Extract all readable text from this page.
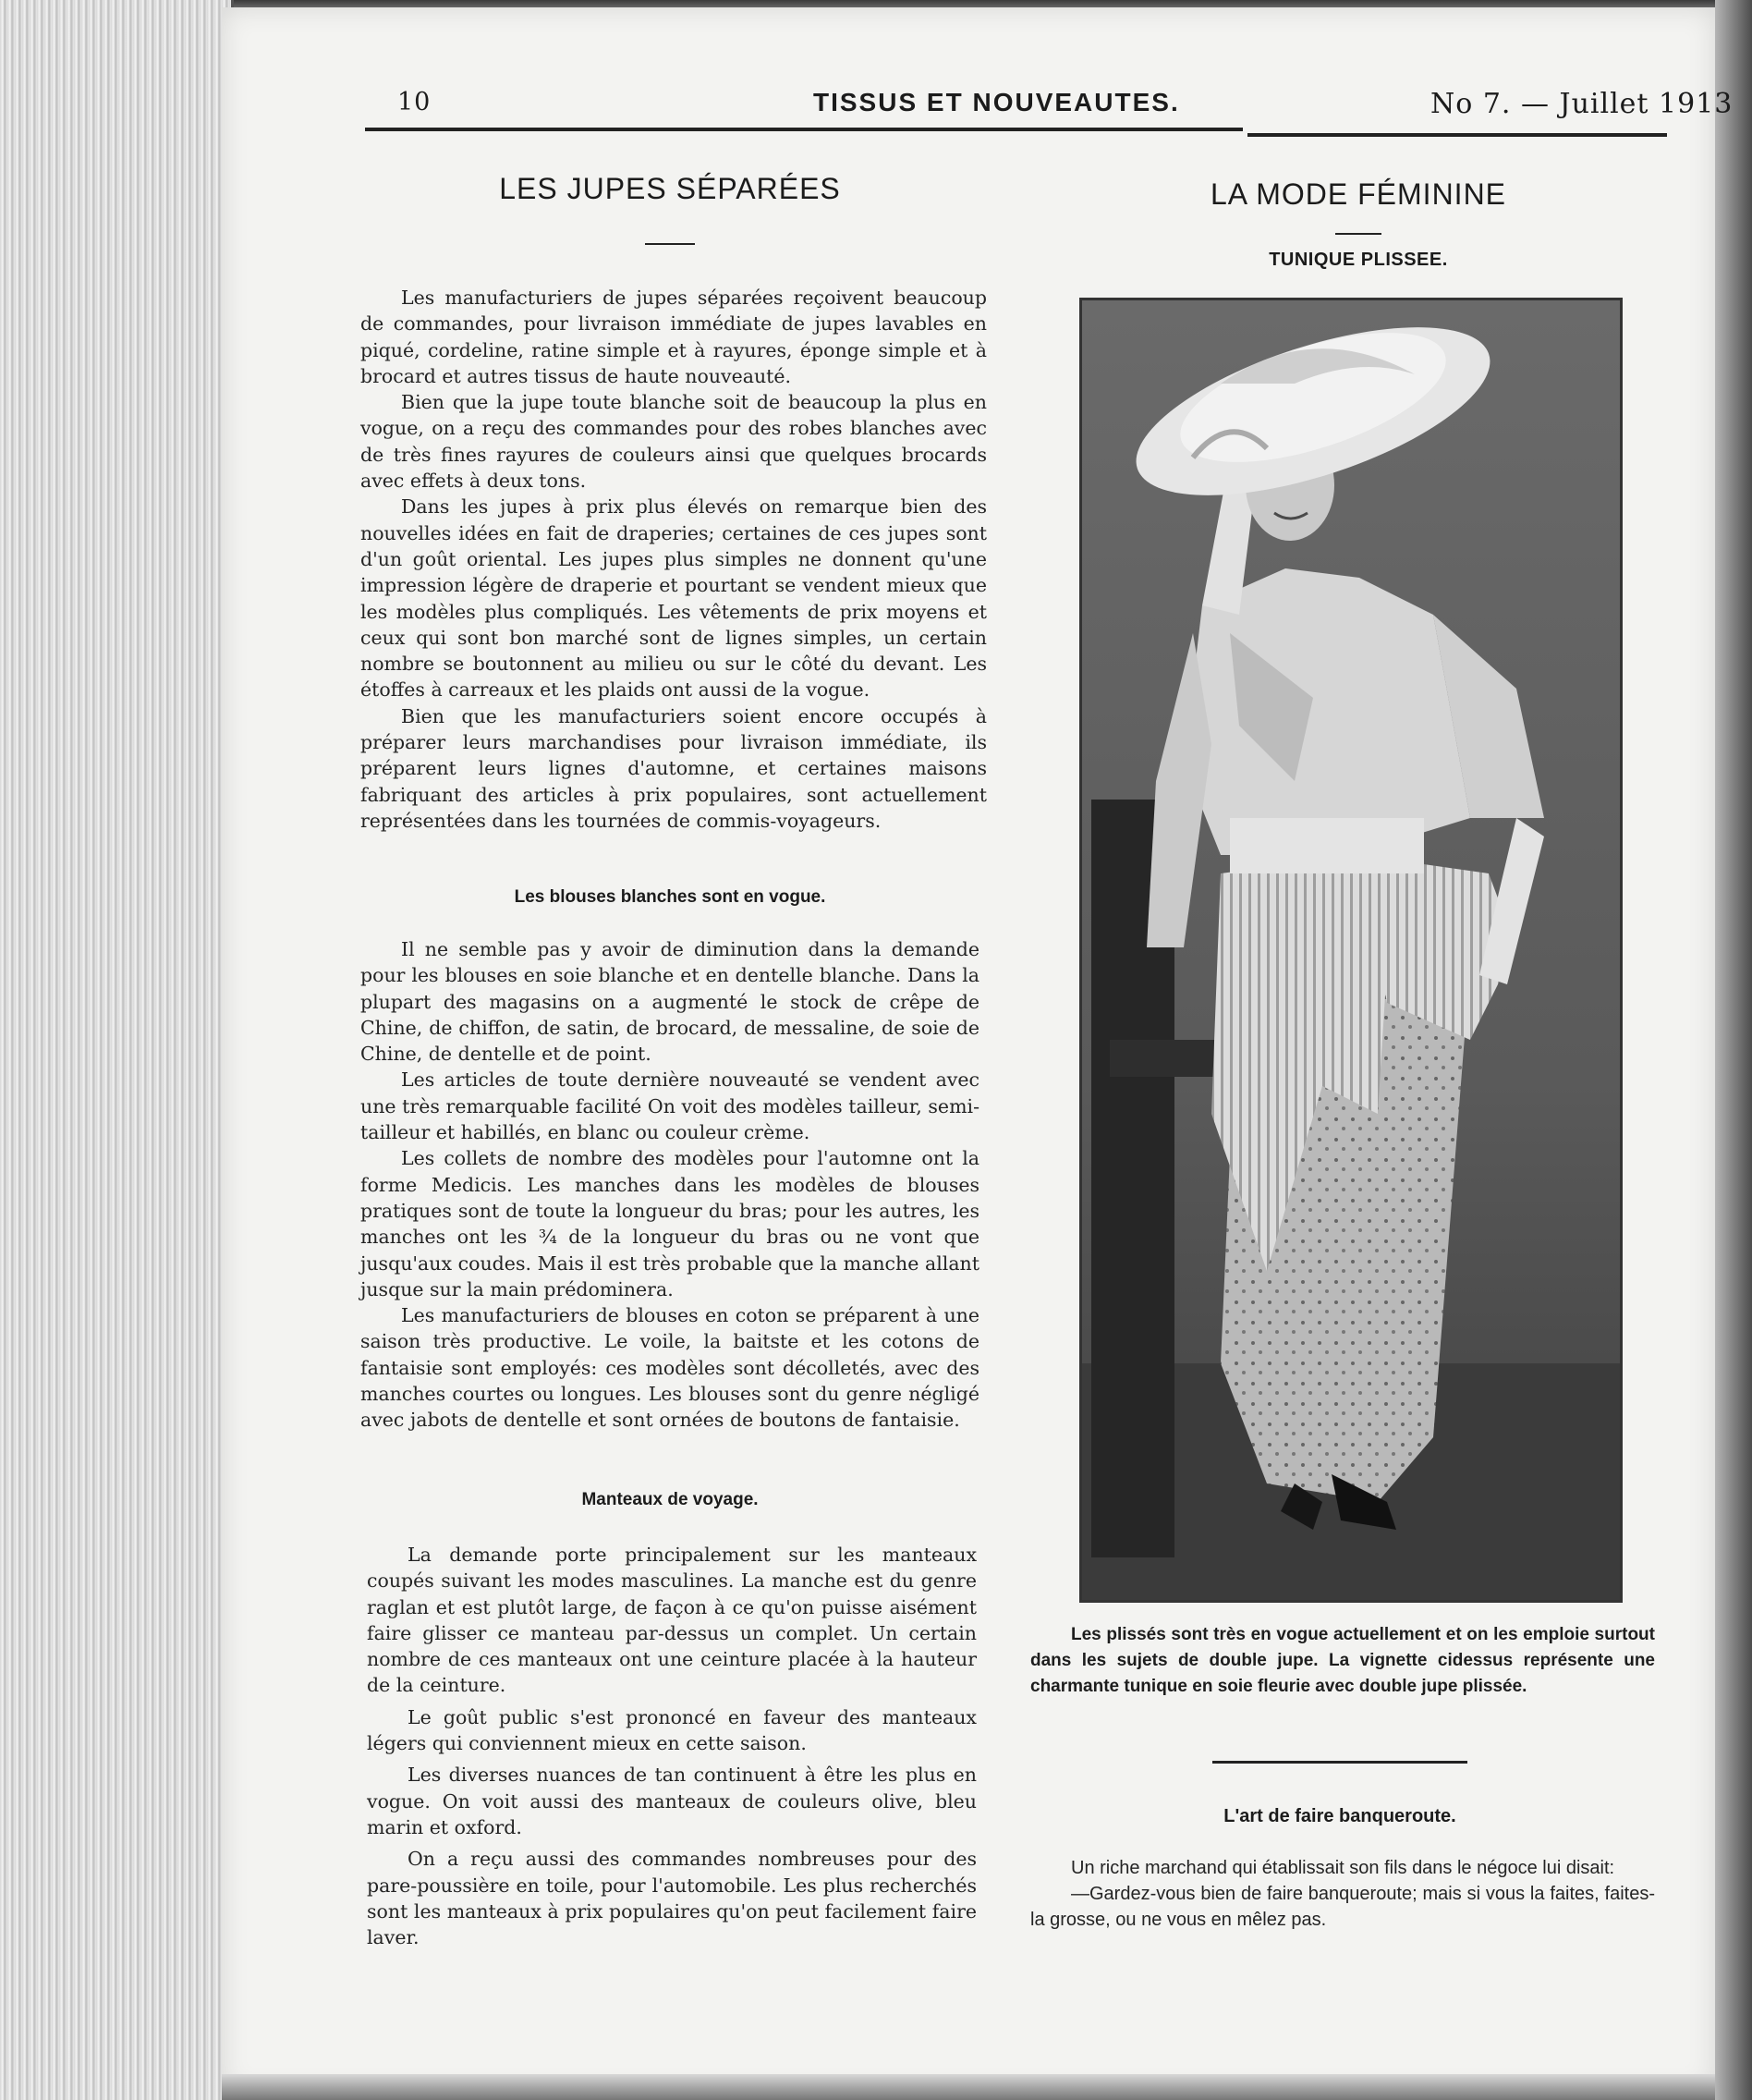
10	TISSUS ET NOUVEAUTES.	No 7. — Juillet 1913
LES JUPES SÉPARÉES

Les manufacturiers de jupes séparées reçoivent beaucoup de commandes, pour livraison immédiate de jupes lavables en piqué, cordeline, ratine simple et à rayures, éponge simple et à brocard et autres tissus de haute nouveauté.

Bien que la jupe toute blanche soit de beaucoup la plus en vogue, on a reçu des commandes pour des robes blanches avec de très fines rayures de couleurs ainsi que quelques brocards avec effets à deux tons.

Dans les jupes à prix plus élevés on remarque bien des nouvelles idées en fait de draperies; certaines de ces jupes sont d'un goût oriental. Les jupes plus simples ne donnent qu'une impression légère de draperie et pourtant se vendent mieux que les modèles plus compliqués. Les vêtements de prix moyens et ceux qui sont bon marché sont de lignes simples, un certain nombre se boutonnent au milieu ou sur le côté du devant. Les étoffes à carreaux et les plaids ont aussi de la vogue.

Bien que les manufacturiers soient encore occupés à préparer leurs marchandises pour livraison immédiate, ils préparent leurs lignes d'automne, et certaines maisons fabriquant des articles à prix populaires, sont actuellement représentées dans les tournées de commis-voyageurs.

Les blouses blanches sont en vogue.

Il ne semble pas y avoir de diminution dans la demande pour les blouses en soie blanche et en dentelle blanche. Dans la plupart des magasins on a augmenté le stock de crêpe de Chine, de chiffon, de satin, de brocard, de messaline, de soie de Chine, de dentelle et de point.

Les articles de toute dernière nouveauté se vendent avec une très remarquable facilité On voit des modèles tailleur, semi-tailleur et habillés, en blanc ou couleur crème.

Les collets de nombre des modèles pour l'automne ont la forme Medicis. Les manches dans les modèles de blouses pratiques sont de toute la longueur du bras; pour les autres, les manches ont les ¾ de la longueur du bras ou ne vont que jusqu'aux coudes. Mais il est très probable que la manche allant jusque sur la main prédominera.

Les manufacturiers de blouses en coton se préparent à une saison très productive. Le voile, la baitste et les cotons de fantaisie sont employés: ces modèles sont décolletés, avec des manches courtes ou longues. Les blouses sont du genre négligé avec jabots de dentelle et sont ornées de boutons de fantaisie.

Manteaux de voyage.

La demande porte principalement sur les manteaux coupés suivant les modes masculines. La manche est du genre raglan et est plutôt large, de façon à ce qu'on puisse aisément faire glisser ce manteau par-dessus un complet. Un certain nombre de ces manteaux ont une ceinture placée à la hauteur de la ceinture.

Le goût public s'est prononcé en faveur des manteaux légers qui conviennent mieux en cette saison.

Les diverses nuances de tan continuent à être les plus en vogue. On voit aussi des manteaux de couleurs olive, bleu marin et oxford.

On a reçu aussi des commandes nombreuses pour des pare-poussière en toile, pour l'automobile. Les plus recherchés sont les manteaux à prix populaires qu'on peut facilement faire laver.

LA MODE FÉMININE
TUNIQUE PLISSEE.
Les plissés sont très en vogue actuellement et on les emploie surtout dans les sujets de double jupe. La vignette cidessus représente une charmante tunique en soie fleurie avec double jupe plissée.
L'art de faire banqueroute.

Un riche marchand qui établissait son fils dans le négoce lui disait:

—Gardez-vous bien de faire banqueroute; mais si vous la faites, faites-la grosse, ou ne vous en mêlez pas.
